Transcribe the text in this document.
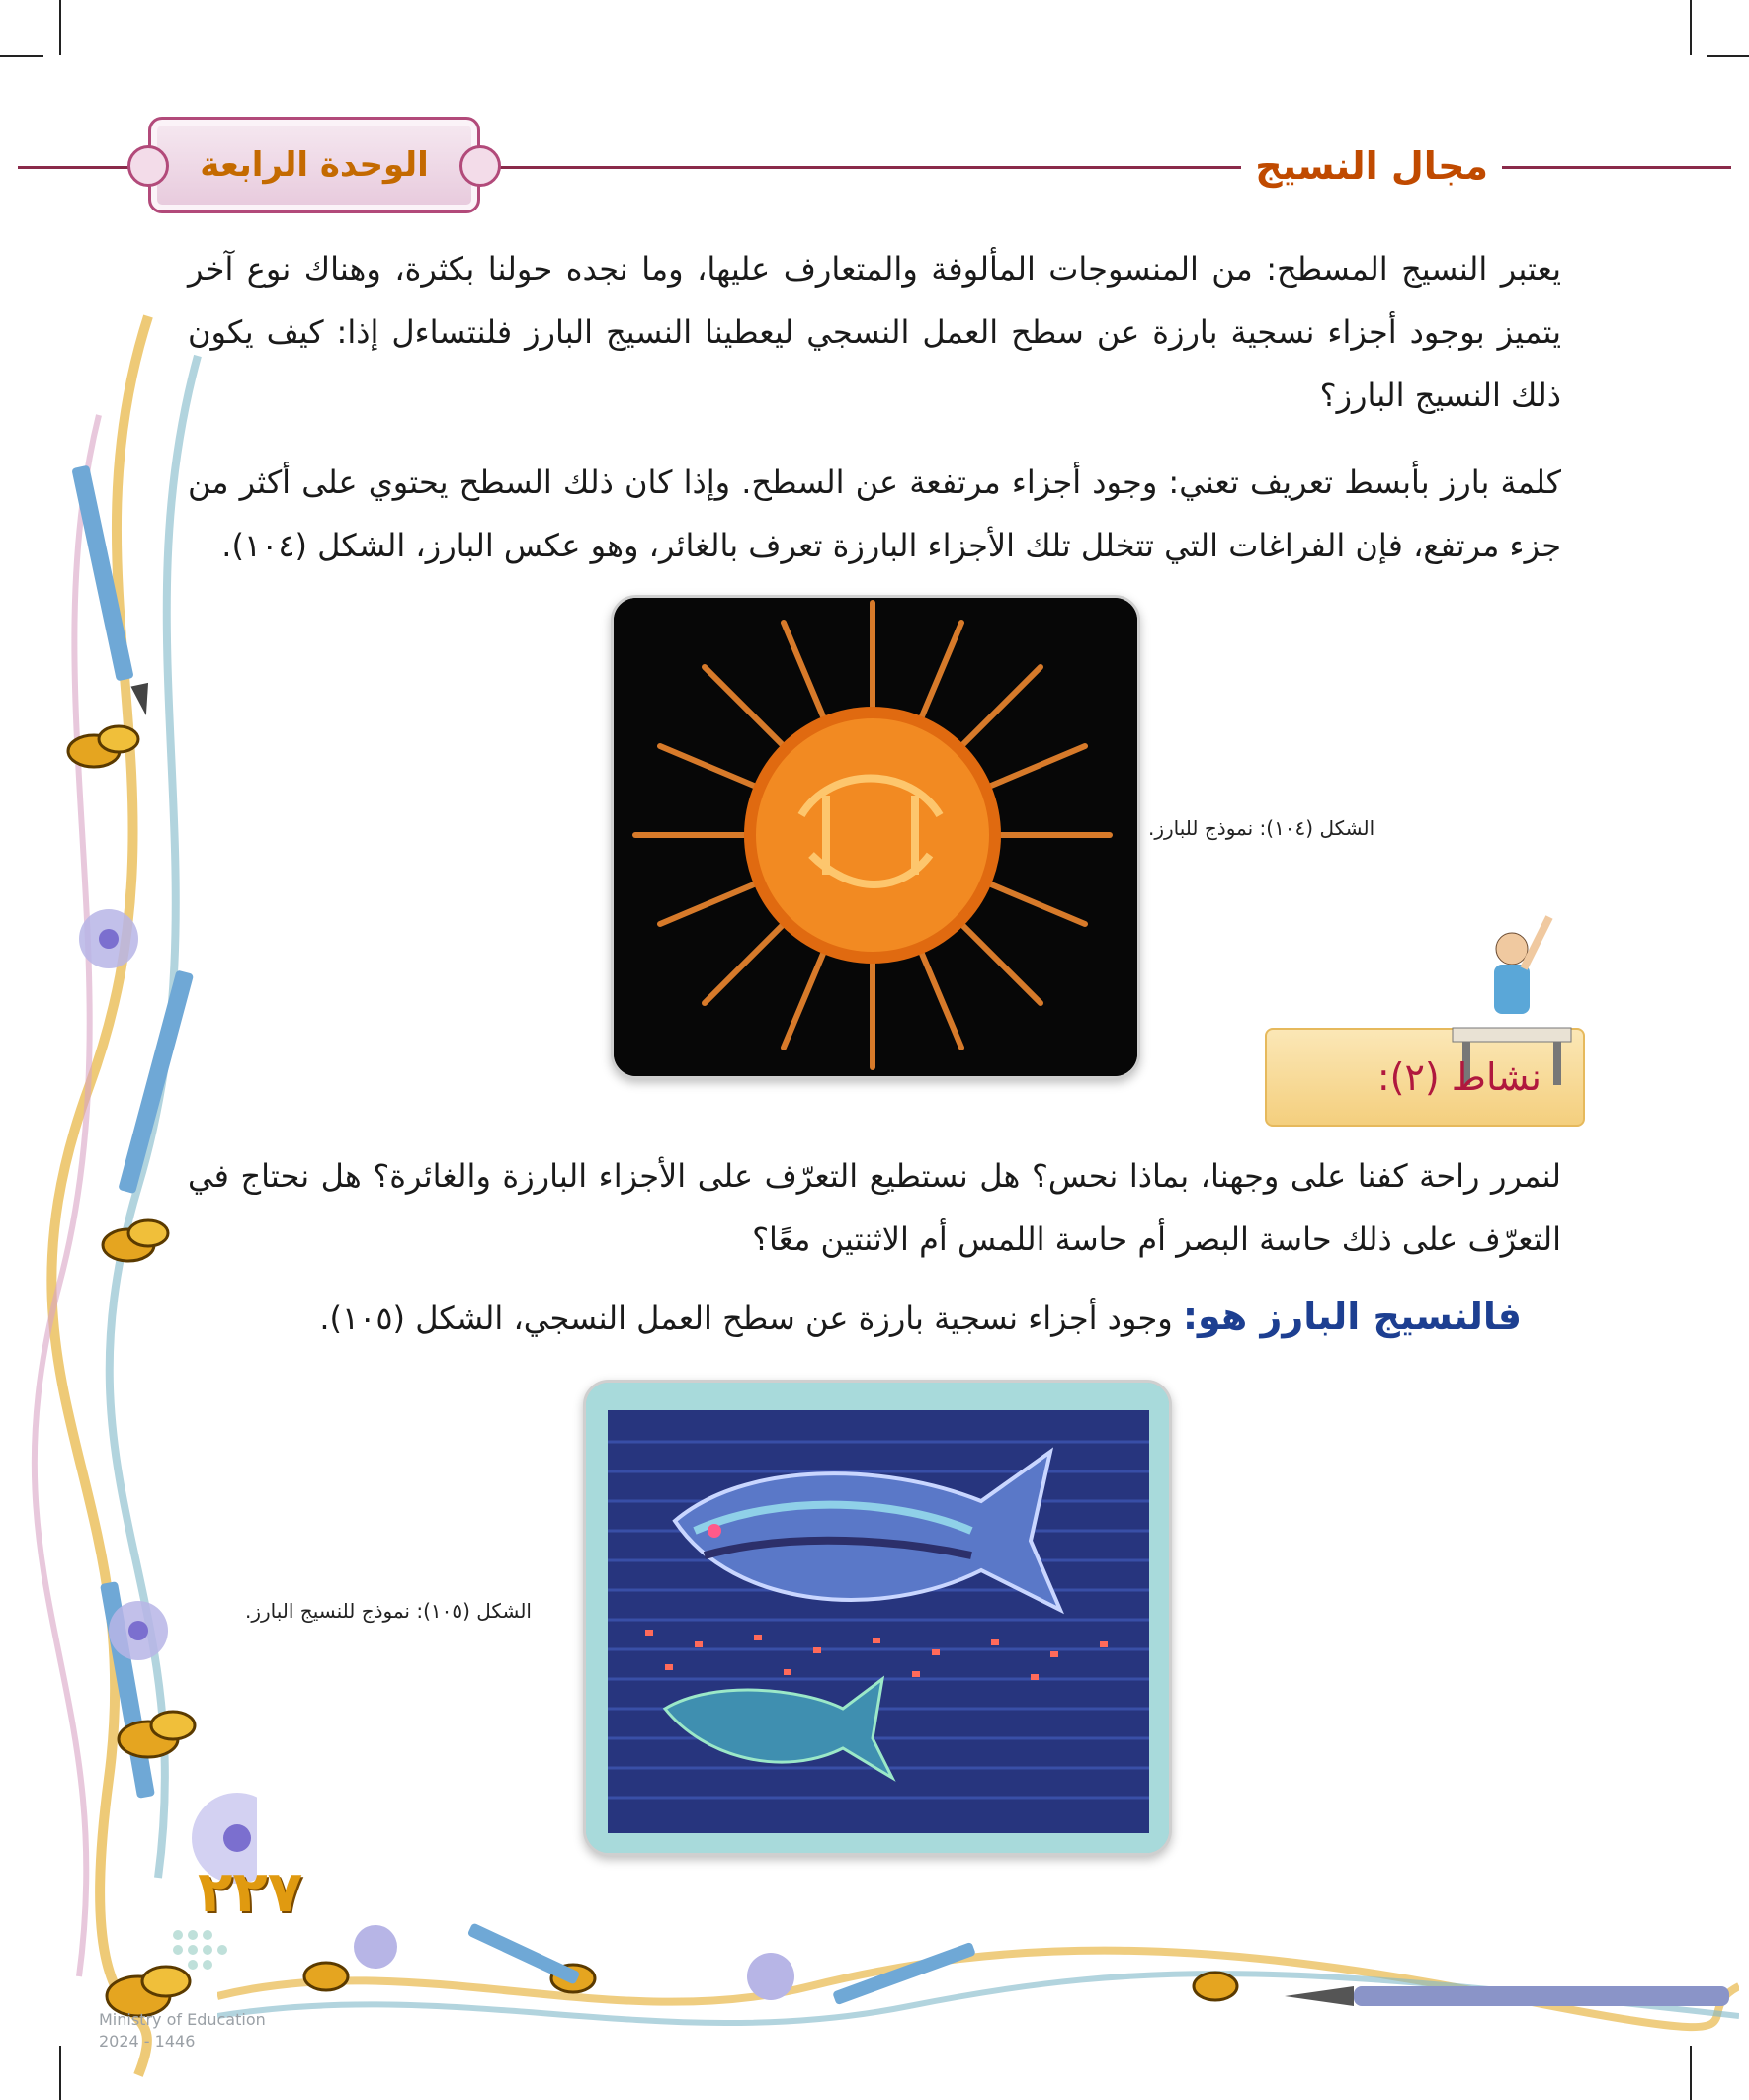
الوحدة الرابعة	مجال النسيج
يعتبر النسيج المسطح: من المنسوجات المألوفة والمتعارف عليها، وما نجده حولنا بكثرة، وهناك نوع آخر يتميز بوجود أجزاء نسجية بارزة عن سطح العمل النسجي ليعطينا النسيج البارز فلنتساءل إذا: كيف يكون ذلك النسيج البارز؟
كلمة بارز بأبسط تعريف تعني: وجود أجزاء مرتفعة عن السطح. وإذا كان ذلك السطح يحتوي على أكثر من جزء مرتفع، فإن الفراغات التي تتخلل تلك الأجزاء البارزة تعرف بالغائر، وهو عكس البارز، الشكل (١٠٤).
الشكل (١٠٤): نموذج للبارز.
نشاط (٢):
لنمرر راحة كفنا على وجهنا، بماذا نحس؟ هل نستطيع التعرّف على الأجزاء البارزة والغائرة؟ هل نحتاج في التعرّف على ذلك حاسة البصر أم حاسة اللمس أم الاثنتين معًا؟
فالنسيج البارز هو: وجود أجزاء نسجية بارزة عن سطح العمل النسجي، الشكل (١٠٥).
الشكل (١٠٥): نموذج للنسيج البارز.
٢٢٧
Ministry of Education
2024 - 1446
